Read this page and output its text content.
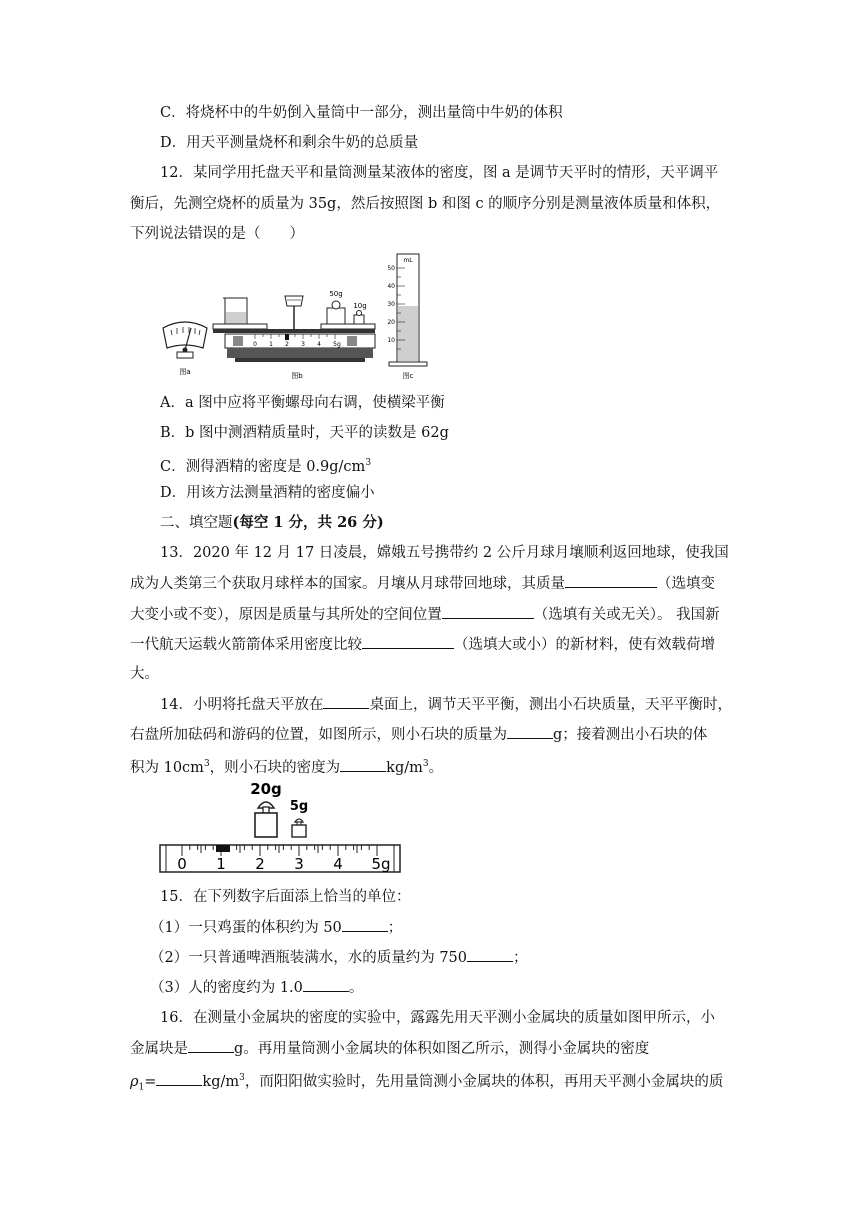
C．将烧杯中的牛奶倒入量筒中一部分，测出量筒中牛奶的体积
D．用天平测量烧杯和剩余牛奶的总质量
12．某同学用托盘天平和量筒测量某液体的密度，图 a 是调节天平时的情形，天平调平
衡后，先测空烧杯的质量为 35g，然后按照图 b 和图 c 的顺序分别是测量液体质量和体积，
下列说法错误的是（　　）
图a
50g
10g
0 1 2 3 4 5g
图b
mL
50
40
30
20
10
图c
A．a 图中应将平衡螺母向右调，使横梁平衡
B．b 图中测酒精质量时，天平的读数是 62g
C．测得酒精的密度是 $0.9g/cm^3$
D．用该方法测量酒精的密度偏小
二、填空题(每空 1 分，共 26 分)
13．2020 年 12 月 17 日凌晨，嫦娥五号携带约 2 公斤月球月壤顺利返回地球，使我国
成为人类第三个获取月球样本的国家。月壤从月球带回地球，其质量	（选填变
大变小或不变），原因是质量与其所处的空间位置	（选填有关或无关）。 我国新
一代航天运载火箭箭体采用密度比较	（选填大或小）的新材料，使有效载荷增
大。
14．小明将托盘天平放在	桌面上，调节天平平衡，测出小石块质量，天平平衡时，
右盘所加砝码和游码的位置，如图所示，则小石块的质量为	g；接着测出小石块的体
积为 $10cm^3$，则小石块的密度为	$kg/m^3$。
20g
5g
0 1 2 3 4 5g
15．在下列数字后面添上恰当的单位：
（1）一只鸡蛋的体积约为 50	；
（2）一只普通啤酒瓶装满水，水的质量约为 750	；
（3）人的密度约为 1.0	。
16．在测量小金属块的密度的实验中，露露先用天平测小金属块的质量如图甲所示，小
金属块是	g。再用量筒测小金属块的体积如图乙所示，测得小金属块的密度
$\rho_1=$	$kg/m^3$，而阳阳做实验时，先用量筒测小金属块的体积，再用天平测小金属块的质
